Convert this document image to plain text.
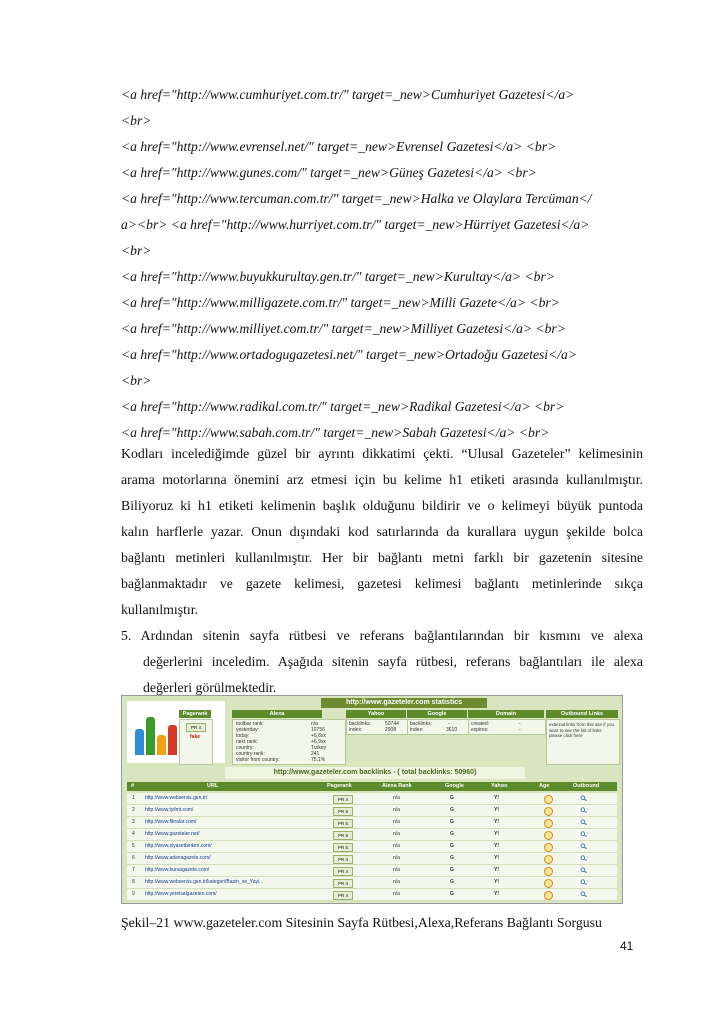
<a href="http://www.cumhuriyet.com.tr/" target=_new>Cumhuriyet Gazetesi</a>
<br>
<a href="http://www.evrensel.net/" target=_new>Evrensel Gazetesi</a> <br>
<a href="http://www.gunes.com/" target=_new>Güneş Gazetesi</a> <br>
<a href="http://www.tercuman.com.tr/" target=_new>Halka ve Olaylara Tercüman</
a><br> <a href="http://www.hurriyet.com.tr/" target=_new>Hürriyet Gazetesi</a>
<br>
<a href="http://www.buyukkurultay.gen.tr/" target=_new>Kurultay</a> <br>
<a href="http://www.milligazete.com.tr/" target=_new>Milli Gazete</a> <br>
<a href="http://www.milliyet.com.tr/" target=_new>Milliyet Gazetesi</a> <br>
<a href="http://www.ortadogugazetesi.net/" target=_new>Ortadoğu Gazetesi</a>
<br>
<a href="http://www.radikal.com.tr/" target=_new>Radikal Gazetesi</a> <br>
<a href="http://www.sabah.com.tr/" target=_new>Sabah Gazetesi</a> <br>
Kodları incelediğimde güzel bir ayrıntı dikkatimi çekti. “Ulusal Gazeteler” kelimesinin
arama motorlarına önemini arz etmesi için bu kelime h1 etiketi arasında kullanılmıştır.
Biliyoruz ki h1 etiketi kelimenin başlık olduğunu bildirir ve o kelimeyi büyük puntoda
kalın harflerle yazar. Onun dışındaki kod satırlarında da kurallara uygun şekilde bolca
bağlantı metinleri kullanılmıştır. Her bir bağlantı metni farklı bir gazetenin sitesine
bağlanmaktadır ve gazete kelimesi, gazetesi kelimesi bağlantı metinlerinde sıkça
kullanılmıştır.
5. Ardından sitenin sayfa rütbesi ve referans bağlantılarından bir kısmını ve alexa
değerlerini inceledim. Aşağıda sitenin sayfa rütbesi, referans bağlantıları ile alexa
değerleri görülmektedir.
http://www.gazeteler.com statistics
Pagerank	Alexa	Yahoo	Google	Domain	Outbound Links
PR 4
fake
toolbar rank:	n/a
yesterday:	10756
today:	+6,8xx
next rank:	+6,9xx
country:	Turkey
country rank:	241
visitor from country:	75.1%
backlinks:	50744
index:	2908
backlinks:	-
index:	3610
created:	-
expires:	-
external links from this site if you want to see the list of links please click here
http://www.gazeteler.com backlinks - ( total backlinks: 50960)
#	URL	Pagerank	Alexa Rank	Google	Yahoo	Age	Outbound
1 http://www.webservis.gen.tr/	PR 4	n/a	G	Y!
2 http://www.tyilmt.com/	PR 5	n/a	G	Y!
3 http://www.fikralar.com/	PR 5	n/a	G	Y!
4 http://www.gazeteler.net/	PR 6	n/a	G	Y!
5 http://www.siyasetbirikim.com/	PR 5	n/a	G	Y!
6 http://www.adanagazete.com/	PR 4	n/a	G	Y!
7 http://www.bursagazete.com/	PR 4	n/a	G	Y!
8 http://www.webservis.gen.tr/kategori/Basin_ve_Yayi...	PR 4	n/a	G	Y!
9 http://www.yerelsalgazeteo.com/	PR 4	n/a	G	Y!
Şekil–21 www.gazeteler.com Sitesinin Sayfa Rütbesi,Alexa,Referans Bağlantı Sorgusu
41
